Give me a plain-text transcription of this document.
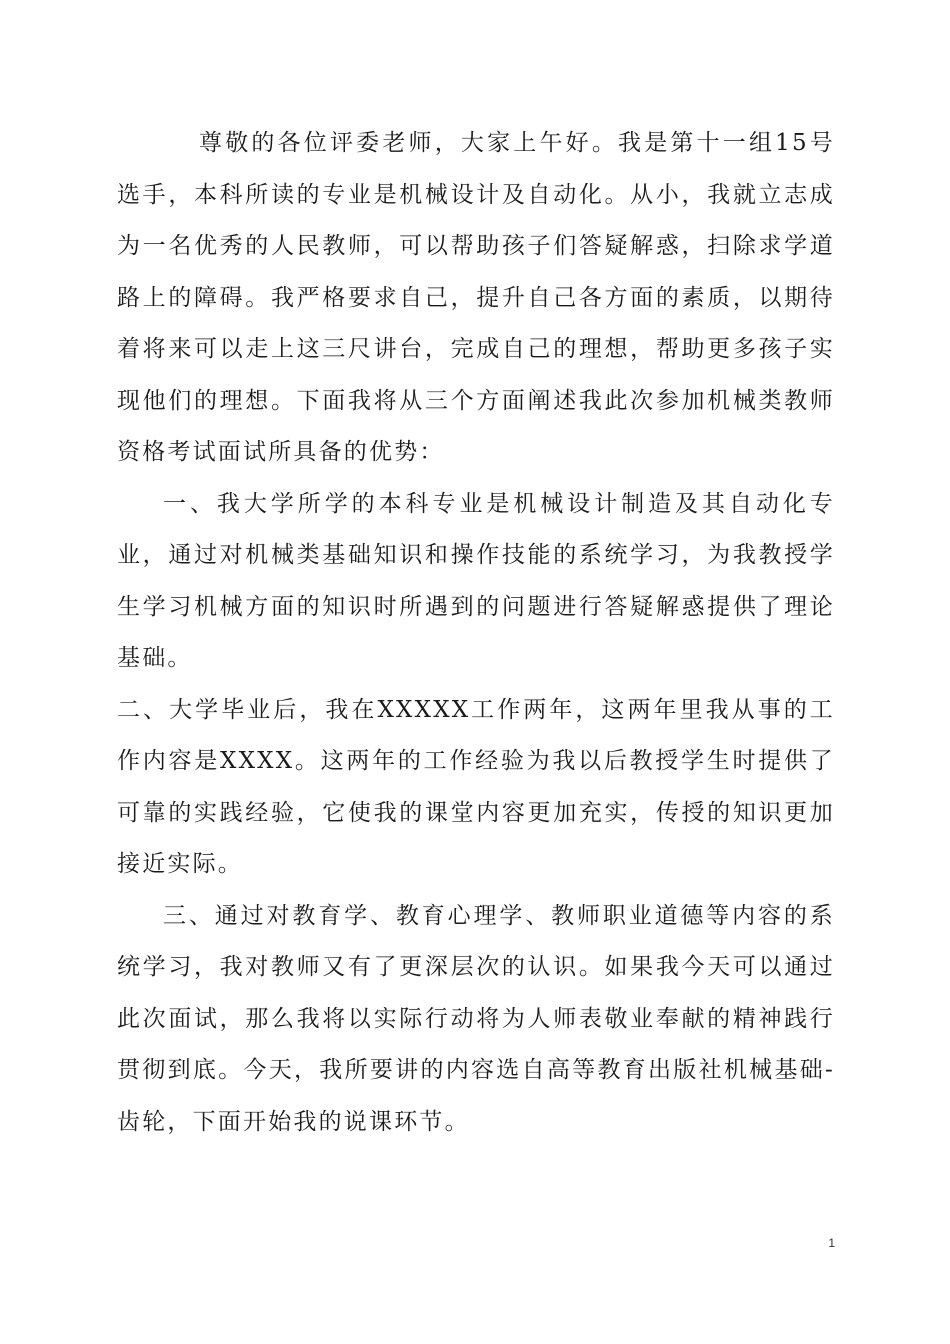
尊敬的各位评委老师，大家上午好。我是第十一组15号选手，本科所读的专业是机械设计及自动化。从小，我就立志成为一名优秀的人民教师，可以帮助孩子们答疑解惑，扫除求学道路上的障碍。我严格要求自己，提升自己各方面的素质，以期待着将来可以走上这三尺讲台，完成自己的理想，帮助更多孩子实现他们的理想。下面我将从三个方面阐述我此次参加机械类教师资格考试面试所具备的优势：

一、我大学所学的本科专业是机械设计制造及其自动化专业，通过对机械类基础知识和操作技能的系统学习，为我教授学生学习机械方面的知识时所遇到的问题进行答疑解惑提供了理论基础。

二、大学毕业后，我在XXXXX工作两年，这两年里我从事的工作内容是XXXX。这两年的工作经验为我以后教授学生时提供了可靠的实践经验，它使我的课堂内容更加充实，传授的知识更加接近实际。

三、通过对教育学、教育心理学、教师职业道德等内容的系统学习，我对教师又有了更深层次的认识。如果我今天可以通过此次面试，那么我将以实际行动将为人师表敬业奉献的精神践行贯彻到底。今天，我所要讲的内容选自高等教育出版社机械基础-齿轮，下面开始我的说课环节。

1
